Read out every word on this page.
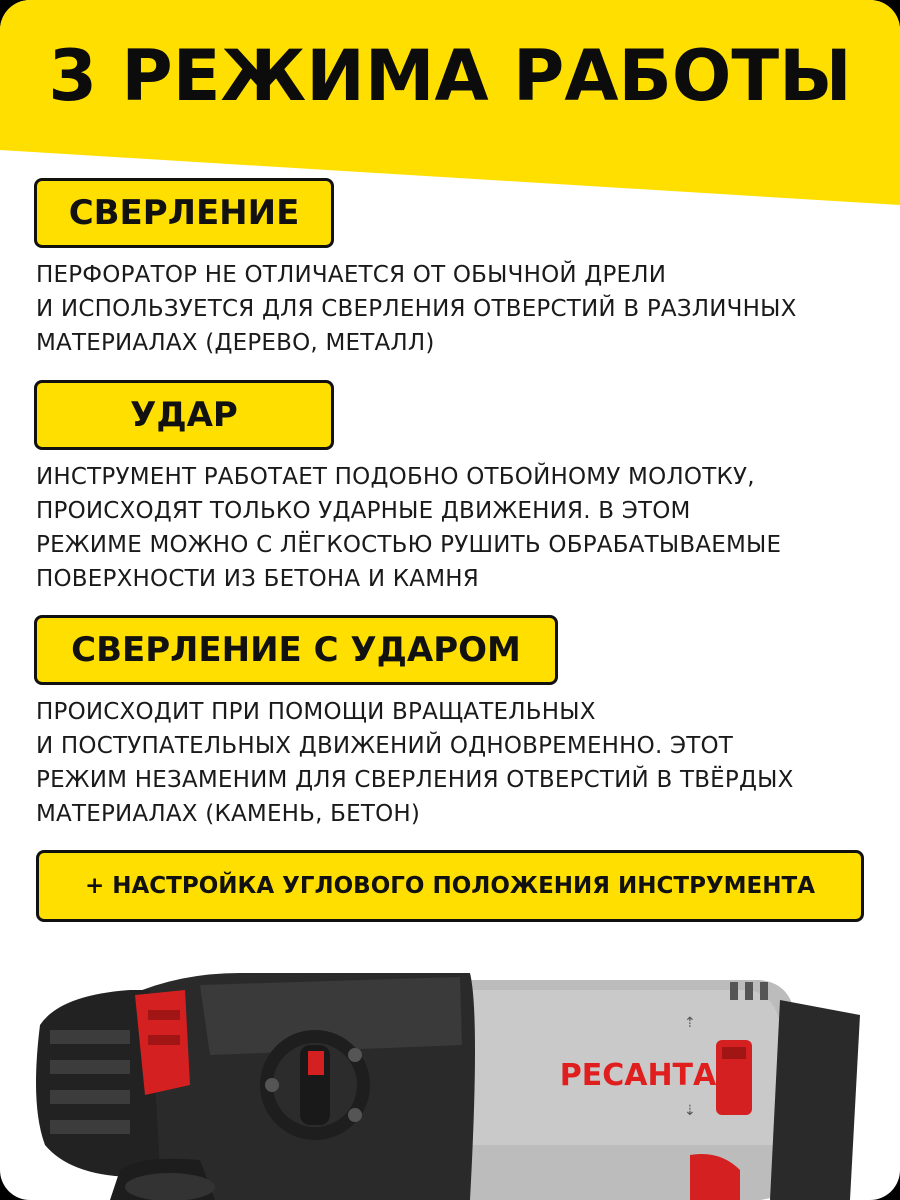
3 РЕЖИМА РАБОТЫ
СВЕРЛЕНИЕ
ПЕРФОРАТОР НЕ ОТЛИЧАЕТСЯ ОТ ОБЫЧНОЙ ДРЕЛИ
И ИСПОЛЬЗУЕТСЯ ДЛЯ СВЕРЛЕНИЯ ОТВЕРСТИЙ В РАЗЛИЧНЫХ
МАТЕРИАЛАХ (ДЕРЕВО, МЕТАЛЛ)
УДАР
ИНСТРУМЕНТ РАБОТАЕТ ПОДОБНО ОТБОЙНОМУ МОЛОТКУ,
ПРОИСХОДЯТ ТОЛЬКО УДАРНЫЕ ДВИЖЕНИЯ. В ЭТОМ
РЕЖИМЕ МОЖНО С ЛЁГКОСТЬЮ РУШИТЬ ОБРАБАТЫВАЕМЫЕ
ПОВЕРХНОСТИ ИЗ БЕТОНА И КАМНЯ
СВЕРЛЕНИЕ С УДАРОМ
ПРОИСХОДИТ ПРИ ПОМОЩИ ВРАЩАТЕЛЬНЫХ
И ПОСТУПАТЕЛЬНЫХ ДВИЖЕНИЙ ОДНОВРЕМЕННО. ЭТОТ
РЕЖИМ НЕЗАМЕНИМ ДЛЯ СВЕРЛЕНИЯ ОТВЕРСТИЙ В ТВЁРДЫХ
МАТЕРИАЛАХ (КАМЕНЬ, БЕТОН)
+ НАСТРОЙКА УГЛОВОГО ПОЛОЖЕНИЯ ИНСТРУМЕНТА
РЕСАНТА
⇡
⇣
